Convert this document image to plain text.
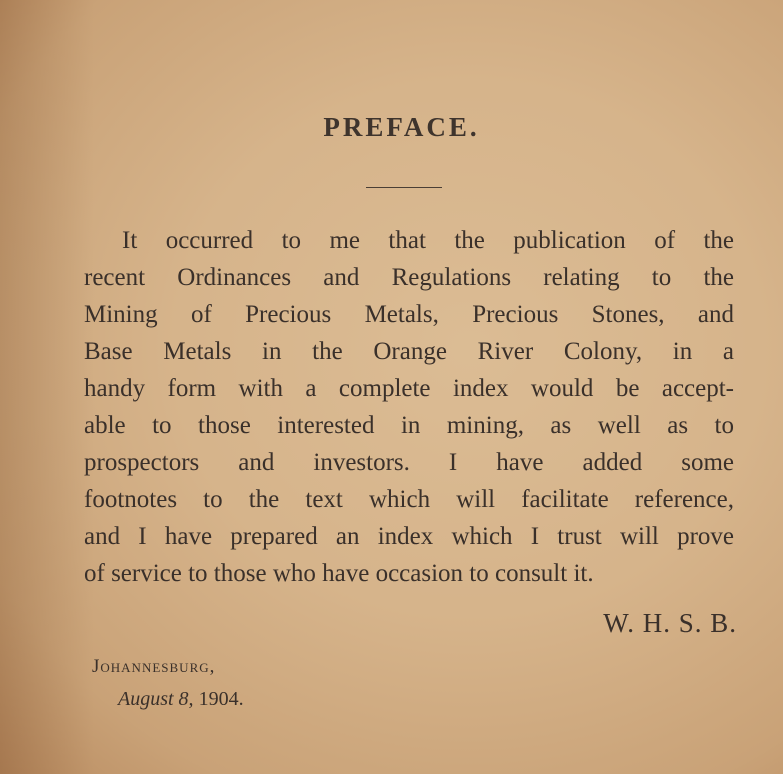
PREFACE.
It occurred to me that the publication of the
recent Ordinances and Regulations relating to the
Mining of Precious Metals, Precious Stones, and
Base Metals in the Orange River Colony, in a
handy form with a complete index would be accept-
able to those interested in mining, as well as to
prospectors and investors. I have added some
footnotes to the text which will facilitate reference,
and I have prepared an index which I trust will prove
of service to those who have occasion to consult it.
W. H. S. B.
Johannesburg,
August 8, 1904.
